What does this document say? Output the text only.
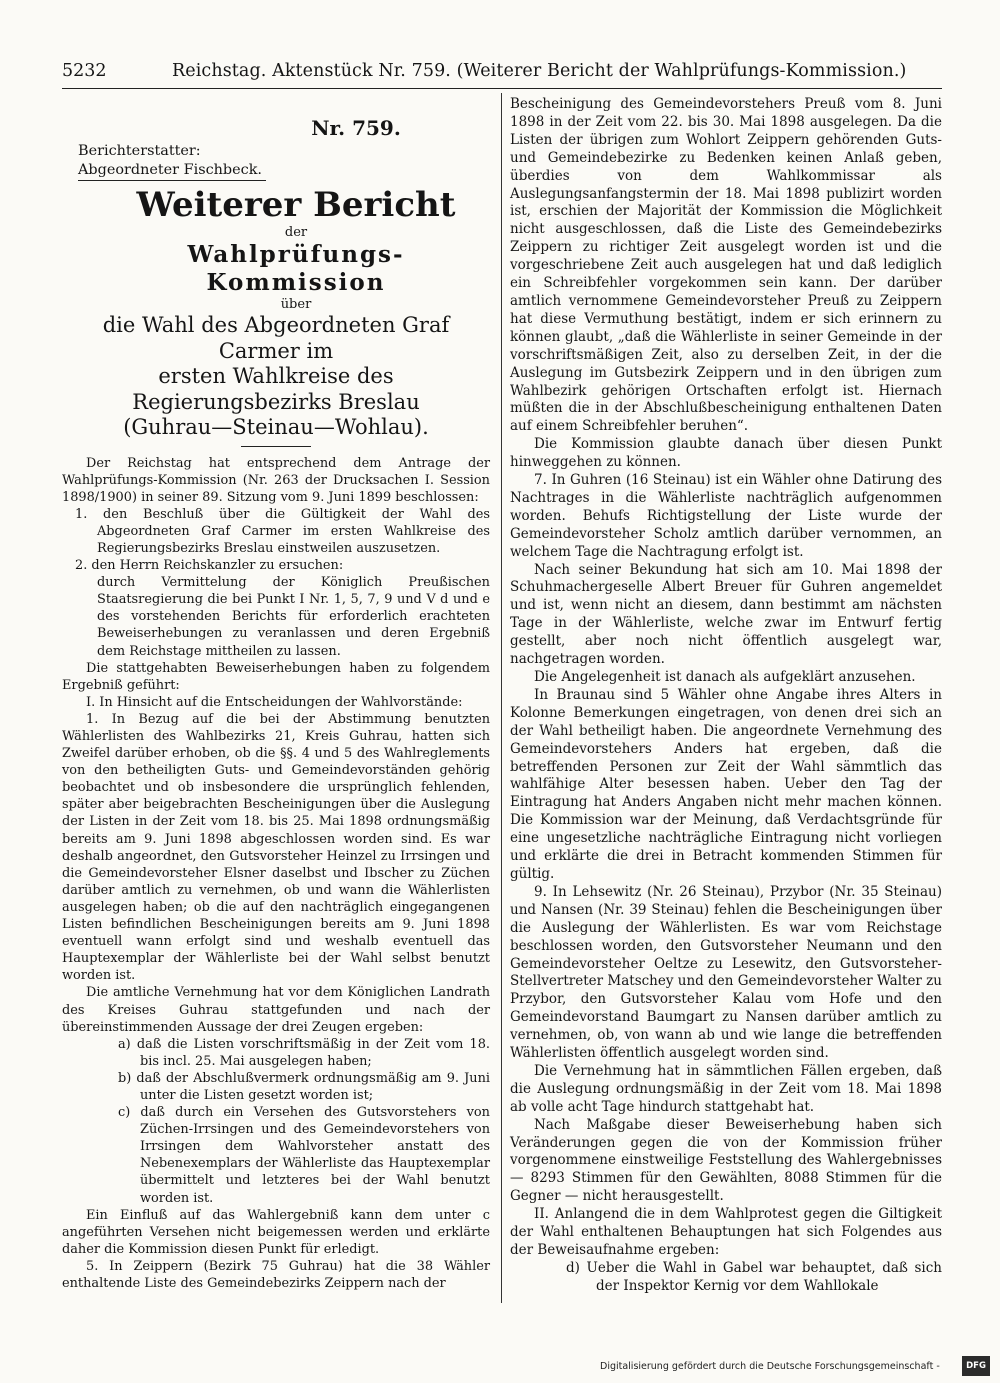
5232	Reichstag. Aktenstück Nr. 759. (Weiterer Bericht der Wahlprüfungs-Kommission.)
Nr. 759.
Berichterstatter:
Abgeordneter Fischbeck.
Weiterer Bericht
der
Wahlprüfungs-Kommission
über
die Wahl des Abgeordneten Graf Carmer im
ersten Wahlkreise des Regierungsbezirks Breslau
(Guhrau—Steinau—Wohlau).

Der Reichstag hat entsprechend dem Antrage der Wahlprüfungs-Kommission (Nr. 263 der Drucksachen I. Session 1898/1900) in seiner 89. Sitzung vom 9. Juni 1899 beschlossen:

1. den Beschluß über die Gültigkeit der Wahl des Abgeordneten Graf Carmer im ersten Wahlkreise des Regierungsbezirks Breslau einstweilen auszusetzen.

2. den Herrn Reichskanzler zu ersuchen:

durch Vermittelung der Königlich Preußischen Staatsregierung die bei Punkt I Nr. 1, 5, 7, 9 und V d und e des vorstehenden Berichts für erforderlich erachteten Beweiserhebungen zu veranlassen und deren Ergebniß dem Reichstage mittheilen zu lassen.

Die stattgehabten Beweiserhebungen haben zu folgendem Ergebniß geführt:

I. In Hinsicht auf die Entscheidungen der Wahlvorstände:

1. In Bezug auf die bei der Abstimmung benutzten Wählerlisten des Wahlbezirks 21, Kreis Guhrau, hatten sich Zweifel darüber erhoben, ob die §§. 4 und 5 des Wahlreglements von den betheiligten Guts- und Gemeindevorständen gehörig beobachtet und ob insbesondere die ursprünglich fehlenden, später aber beigebrachten Bescheinigungen über die Auslegung der Listen in der Zeit vom 18. bis 25. Mai 1898 ordnungsmäßig bereits am 9. Juni 1898 abgeschlossen worden sind. Es war deshalb angeordnet, den Gutsvorsteher Heinzel zu Irrsingen und die Gemeindevorsteher Elsner daselbst und Ibscher zu Züchen darüber amtlich zu vernehmen, ob und wann die Wählerlisten ausgelegen haben; ob die auf den nachträglich eingegangenen Listen befindlichen Bescheinigungen bereits am 9. Juni 1898 eventuell wann erfolgt sind und weshalb eventuell das Hauptexemplar der Wählerliste bei der Wahl selbst benutzt worden ist.

Die amtliche Vernehmung hat vor dem Königlichen Landrath des Kreises Guhrau stattgefunden und nach der übereinstimmenden Aussage der drei Zeugen ergeben:

a) daß die Listen vorschriftsmäßig in der Zeit vom 18. bis incl. 25. Mai ausgelegen haben;

b) daß der Abschlußvermerk ordnungsmäßig am 9. Juni unter die Listen gesetzt worden ist;

c) daß durch ein Versehen des Gutsvorstehers von Züchen-Irrsingen und des Gemeindevorstehers von Irrsingen dem Wahlvorsteher anstatt des Nebenexemplars der Wählerliste das Hauptexemplar übermittelt und letzteres bei der Wahl benutzt worden ist.

Ein Einfluß auf das Wahlergebniß kann dem unter c angeführten Versehen nicht beigemessen werden und erklärte daher die Kommission diesen Punkt für erledigt.

5. In Zeippern (Bezirk 75 Guhrau) hat die 38 Wähler enthaltende Liste des Gemeindebezirks Zeippern nach der

Bescheinigung des Gemeindevorstehers Preuß vom 8. Juni 1898 in der Zeit vom 22. bis 30. Mai 1898 ausgelegen. Da die Listen der übrigen zum Wohlort Zeippern gehörenden Guts- und Gemeindebezirke zu Bedenken keinen Anlaß geben, überdies von dem Wahlkommissar als Auslegungsanfangstermin der 18. Mai 1898 publizirt worden ist, erschien der Majorität der Kommission die Möglichkeit nicht ausgeschlossen, daß die Liste des Gemeindebezirks Zeippern zu richtiger Zeit ausgelegt worden ist und die vorgeschriebene Zeit auch ausgelegen hat und daß lediglich ein Schreibfehler vorgekommen sein kann. Der darüber amtlich vernommene Gemeindevorsteher Preuß zu Zeippern hat diese Vermuthung bestätigt, indem er sich erinnern zu können glaubt, „daß die Wählerliste in seiner Gemeinde in der vorschriftsmäßigen Zeit, also zu derselben Zeit, in der die Auslegung im Gutsbezirk Zeippern und in den übrigen zum Wahlbezirk gehörigen Ortschaften erfolgt ist. Hiernach müßten die in der Abschlußbescheinigung enthaltenen Daten auf einem Schreibfehler beruhen“.

Die Kommission glaubte danach über diesen Punkt hinweggehen zu können.

7. In Guhren (16 Steinau) ist ein Wähler ohne Datirung des Nachtrages in die Wählerliste nachträglich aufgenommen worden. Behufs Richtigstellung der Liste wurde der Gemeindevorsteher Scholz amtlich darüber vernommen, an welchem Tage die Nachtragung erfolgt ist.

Nach seiner Bekundung hat sich am 10. Mai 1898 der Schuhmachergeselle Albert Breuer für Guhren angemeldet und ist, wenn nicht an diesem, dann bestimmt am nächsten Tage in der Wählerliste, welche zwar im Entwurf fertig gestellt, aber noch nicht öffentlich ausgelegt war, nachgetragen worden.

Die Angelegenheit ist danach als aufgeklärt anzusehen.

In Braunau sind 5 Wähler ohne Angabe ihres Alters in Kolonne Bemerkungen eingetragen, von denen drei sich an der Wahl betheiligt haben. Die angeordnete Vernehmung des Gemeindevorstehers Anders hat ergeben, daß die betreffenden Personen zur Zeit der Wahl sämmtlich das wahlfähige Alter besessen haben. Ueber den Tag der Eintragung hat Anders Angaben nicht mehr machen können. Die Kommission war der Meinung, daß Verdachtsgründe für eine ungesetzliche nachträgliche Eintragung nicht vorliegen und erklärte die drei in Betracht kommenden Stimmen für gültig.

9. In Lehsewitz (Nr. 26 Steinau), Przybor (Nr. 35 Steinau) und Nansen (Nr. 39 Steinau) fehlen die Bescheinigungen über die Auslegung der Wählerlisten. Es war vom Reichstage beschlossen worden, den Gutsvorsteher Neumann und den Gemeindevorsteher Oeltze zu Lesewitz, den Gutsvorsteher-Stellvertreter Matschey und den Gemeindevorsteher Walter zu Przybor, den Gutsvorsteher Kalau vom Hofe und den Gemeindevorstand Baumgart zu Nansen darüber amtlich zu vernehmen, ob, von wann ab und wie lange die betreffenden Wählerlisten öffentlich ausgelegt worden sind.

Die Vernehmung hat in sämmtlichen Fällen ergeben, daß die Auslegung ordnungsmäßig in der Zeit vom 18. Mai 1898 ab volle acht Tage hindurch stattgehabt hat.

Nach Maßgabe dieser Beweiserhebung haben sich Veränderungen gegen die von der Kommission früher vorgenommene einstweilige Feststellung des Wahlergebnisses — 8293 Stimmen für den Gewählten, 8088 Stimmen für die Gegner — nicht herausgestellt.

II. Anlangend die in dem Wahlprotest gegen die Giltigkeit der Wahl enthaltenen Behauptungen hat sich Folgendes aus der Beweisaufnahme ergeben:

d) Ueber die Wahl in Gabel war behauptet, daß sich der Inspektor Kernig vor dem Wahllokale

Digitalisierung gefördert durch die Deutsche Forschungsgemeinschaft -	DFG
